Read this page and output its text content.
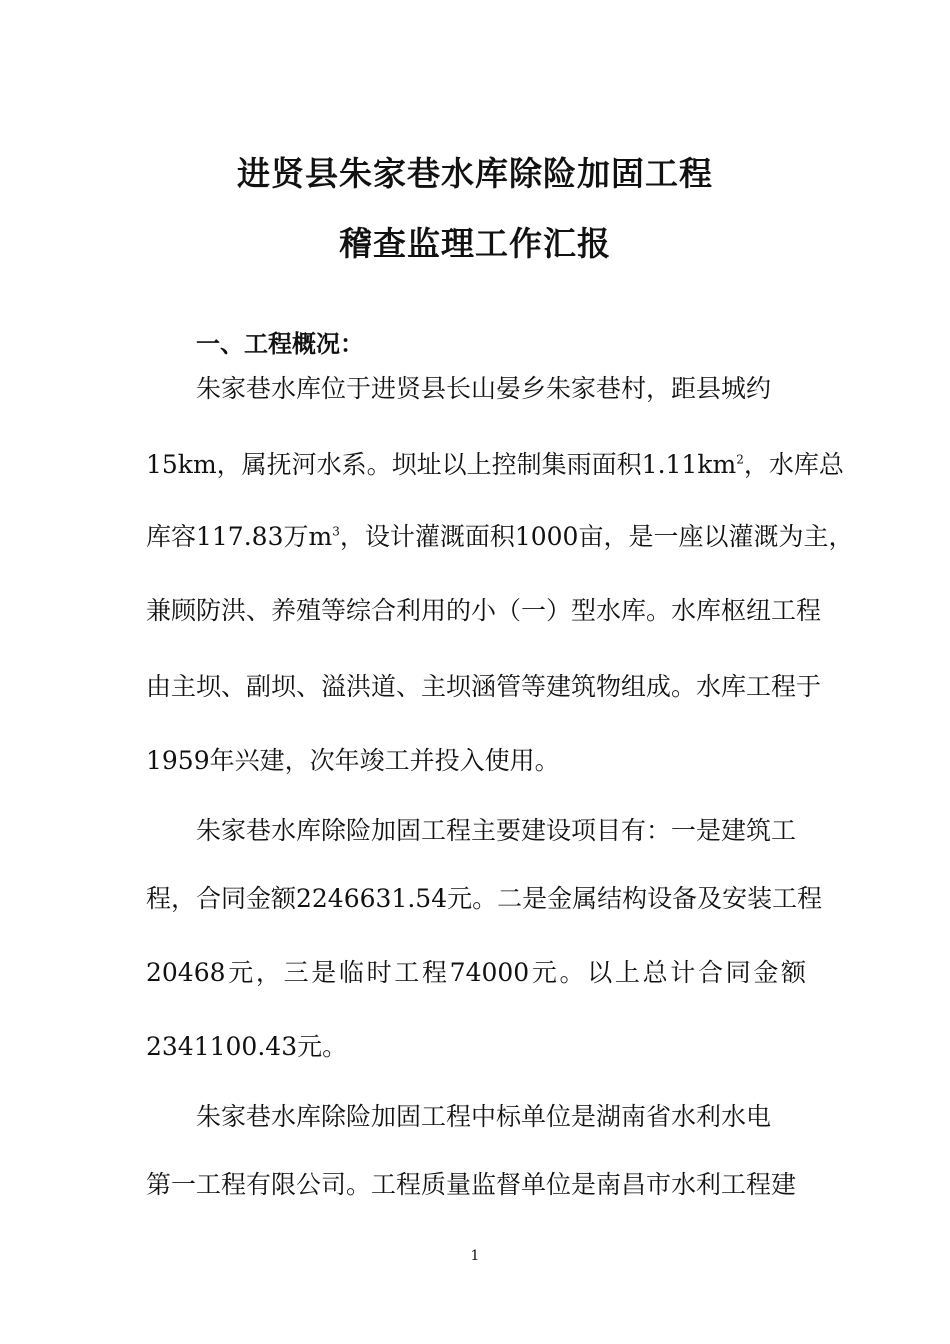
进贤县朱家巷水库除险加固工程
稽查监理工作汇报
一、工程概况：
朱家巷水库位于进贤县长山晏乡朱家巷村，距县城约
15km，属抚河水系。坝址以上控制集雨面积$1.11km^2$，水库总
库容117.83万$m^3$，设计灌溉面积1000亩，是一座以灌溉为主，
兼顾防洪、养殖等综合利用的小（一）型水库。水库枢纽工程
由主坝、副坝、溢洪道、主坝涵管等建筑物组成。水库工程于
1959年兴建，次年竣工并投入使用。
朱家巷水库除险加固工程主要建设项目有：一是建筑工
程，合同金额2246631.54元。二是金属结构设备及安装工程
20468元，三是临时工程74000元。以上总计合同金额
2341100.43元。
朱家巷水库除险加固工程中标单位是湖南省水利水电
第一工程有限公司。工程质量监督单位是南昌市水利工程建
1
